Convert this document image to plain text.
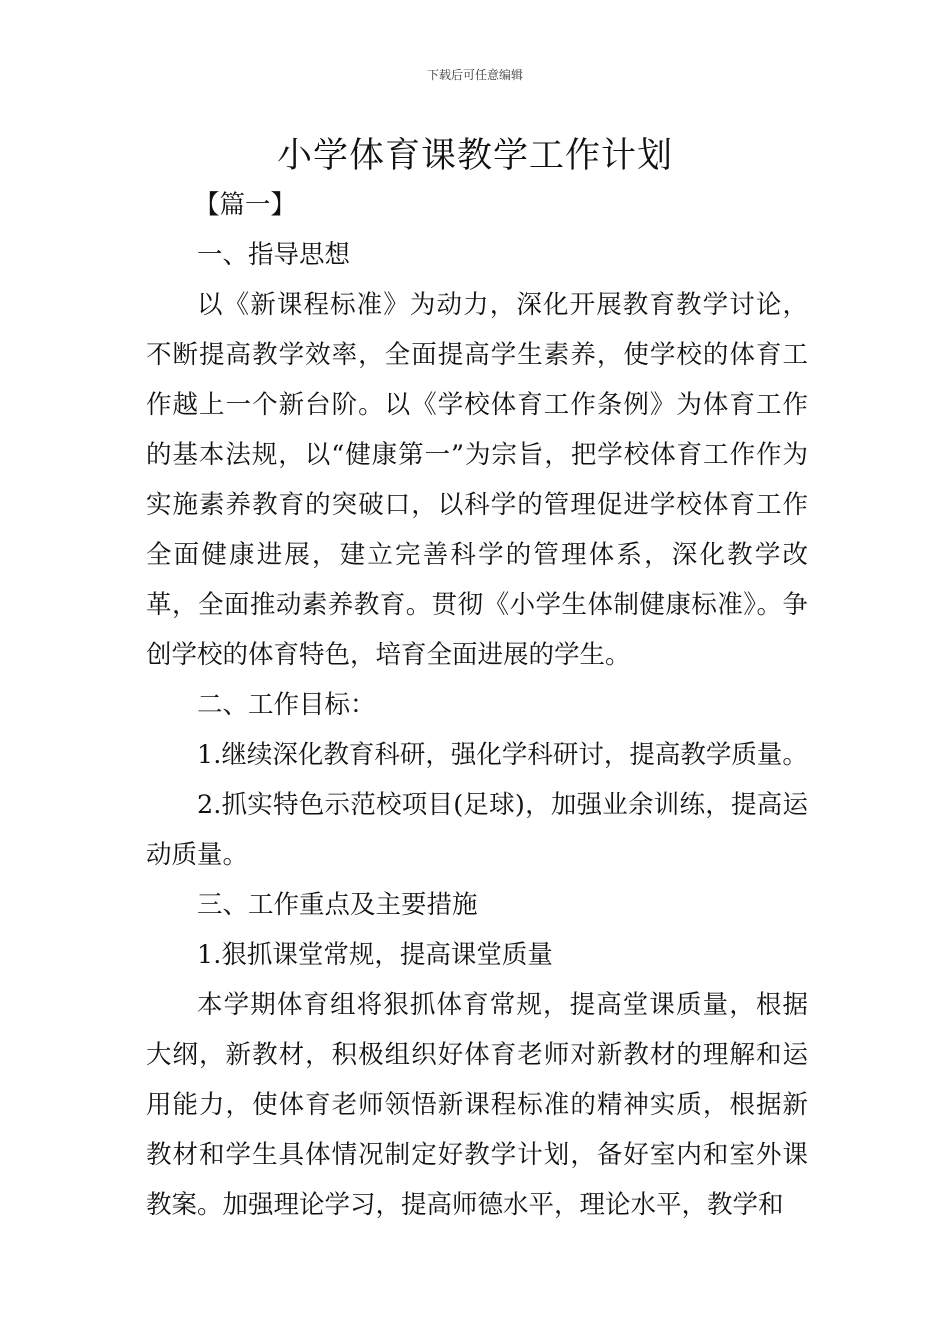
下载后可任意编辑
小学体育课教学工作计划

【篇一】

一、指导思想

以《新课程标准》为动力，深化开展教育教学讨论，不断提高教学效率，全面提高学生素养，使学校的体育工作越上一个新台阶。以《学校体育工作条例》为体育工作的基本法规，以“健康第一”为宗旨，把学校体育工作作为实施素养教育的突破口，以科学的管理促进学校体育工作全面健康进展，建立完善科学的管理体系，深化教学改革，全面推动素养教育。贯彻《小学生体制健康标准》。争创学校的体育特色，培育全面进展的学生。

二、工作目标：

1.继续深化教育科研，强化学科研讨，提高教学质量。

2.抓实特色示范校项目(足球)，加强业余训练，提高运动质量。

三、工作重点及主要措施

1.狠抓课堂常规，提高课堂质量

本学期体育组将狠抓体育常规，提高堂课质量，根据大纲，新教材，积极组织好体育老师对新教材的理解和运用能力，使体育老师领悟新课程标准的精神实质，根据新教材和学生具体情况制定好教学计划，备好室内和室外课教案。加强理论学习，提高师德水平，理论水平，教学和
